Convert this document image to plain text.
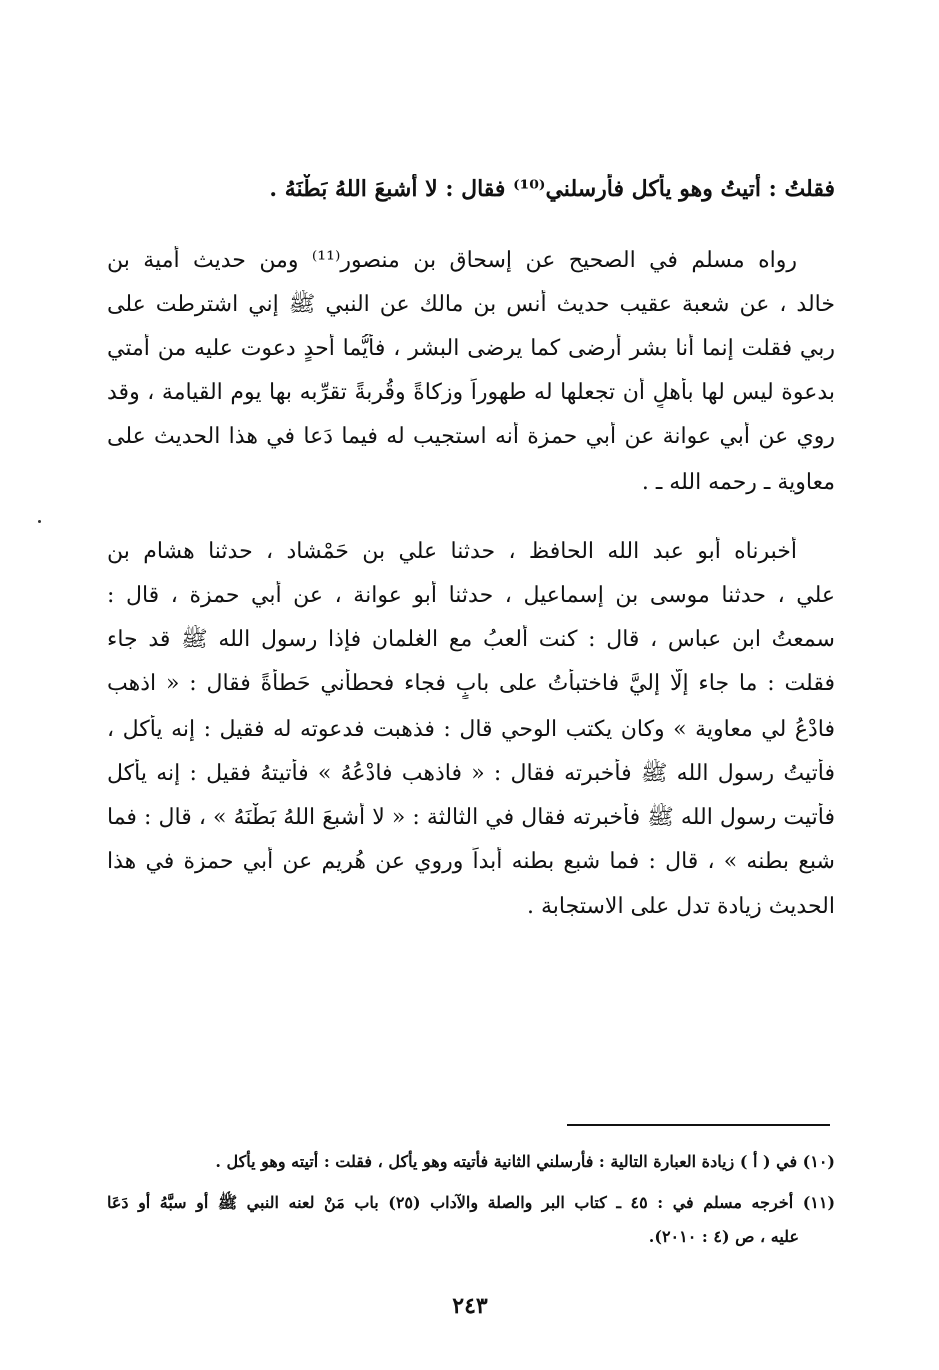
فقلتُ : أتيتُ وهو يأكل فأرسلني⁽¹⁰⁾ فقال : لا أشبعَ اللهُ بَطْنَهُ .
رواه مسلم في الصحيح عن إسحاق بن منصور⁽¹¹⁾ ومن حديث أمية بن
خالد ، عن شعبة عقيب حديث أنس بن مالك عن النبي ﷺ إني اشترطت على
ربي فقلت إنما أنا بشر أرضى كما يرضى البشر ، فأيُّما أحدٍ دعوت عليه من أمتي
بدعوة ليس لها بأهلٍ أن تجعلها له طهوراً وزكاةً وقُربةً تقرِّبه بها يوم القيامة ، وقد
روي عن أبي عوانة عن أبي حمزة أنه استجيب له فيما دَعا في هذا الحديث على
معاوية ـ رحمه الله ـ .
أخبرناه أبو عبد الله الحافظ ، حدثنا علي بن حَمْشاد ، حدثنا هشام بن
علي ، حدثنا موسى بن إسماعيل ، حدثنا أبو عوانة ، عن أبي حمزة ، قال :
سمعتُ ابن عباس ، قال : كنت ألعبُ مع الغلمان فإذا رسول الله ﷺ قد جاء
فقلت : ما جاء إلّا إليَّ فاختبأتُ على بابٍ فجاء فحطأني حَطأةً فقال : « اذهب
فادْعُ لي معاوية » وكان يكتب الوحي قال : فذهبت فدعوته له فقيل : إنه يأكل ،
فأتيتُ رسول الله ﷺ فأخبرته فقال : « فاذهب فادْعُهُ » فأتيتهُ فقيل : إنه يأكل
فأتيت رسول الله ﷺ فأخبرته فقال في الثالثة : « لا أشبعَ اللهُ بَطْنَهُ » ، قال : فما
شبع بطنه » ، قال : فما شبع بطنه أبداً وروي عن هُريم عن أبي حمزة في هذا
الحديث زيادة تدل على الاستجابة .
(١٠) في ( أ ) زيادة العبارة التالية : فأرسلني الثانية فأتيته وهو يأكل ، فقلت : أتيته وهو يأكل .
(١١) أخرجه مسلم في : ٤٥ ـ كتاب البر والصلة والآداب (٢٥) باب مَنْ لعنه النبي ﷺ أو سبَّهُ أو دَعَا
عليه ، ص (٤ : ٢٠١٠).
٢٤٣
